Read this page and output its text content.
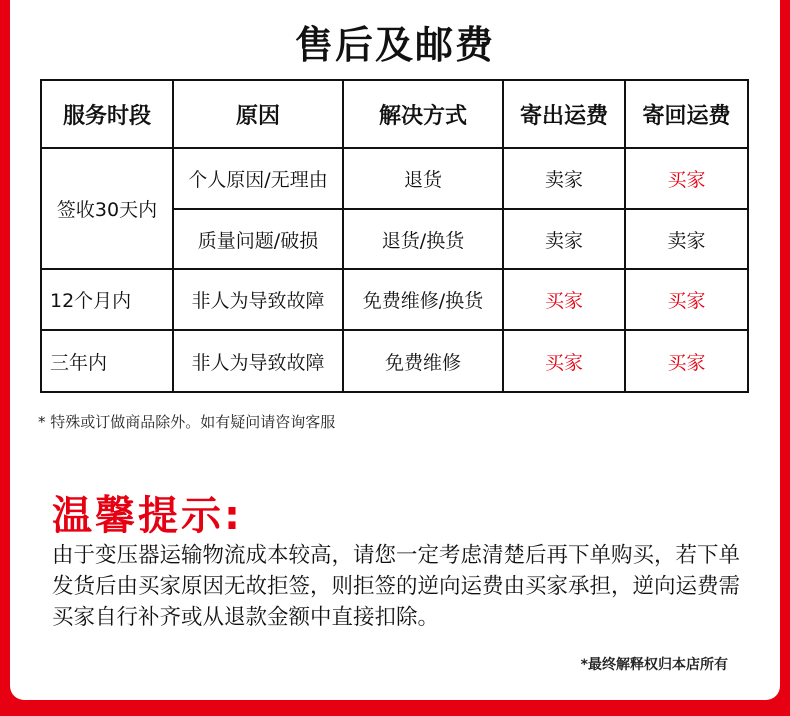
售后及邮费
服务时段	原因	解决方式	寄出运费	寄回运费
签收30天内	个人原因/无理由	退货	卖家	买家
	质量问题/破损	退货/换货	卖家	卖家
12个月内	非人为导致故障	免费维修/换货	买家	买家
三年内	非人为导致故障	免费维修	买家	买家
* 特殊或订做商品除外。如有疑问请咨询客服
温馨提示:
由于变压器运输物流成本较高，请您一定考虑清楚后再下单购买，若下单发货后由买家原因无故拒签，则拒签的逆向运费由买家承担，逆向运费需买家自行补齐或从退款金额中直接扣除。
*最终解释权归本店所有
